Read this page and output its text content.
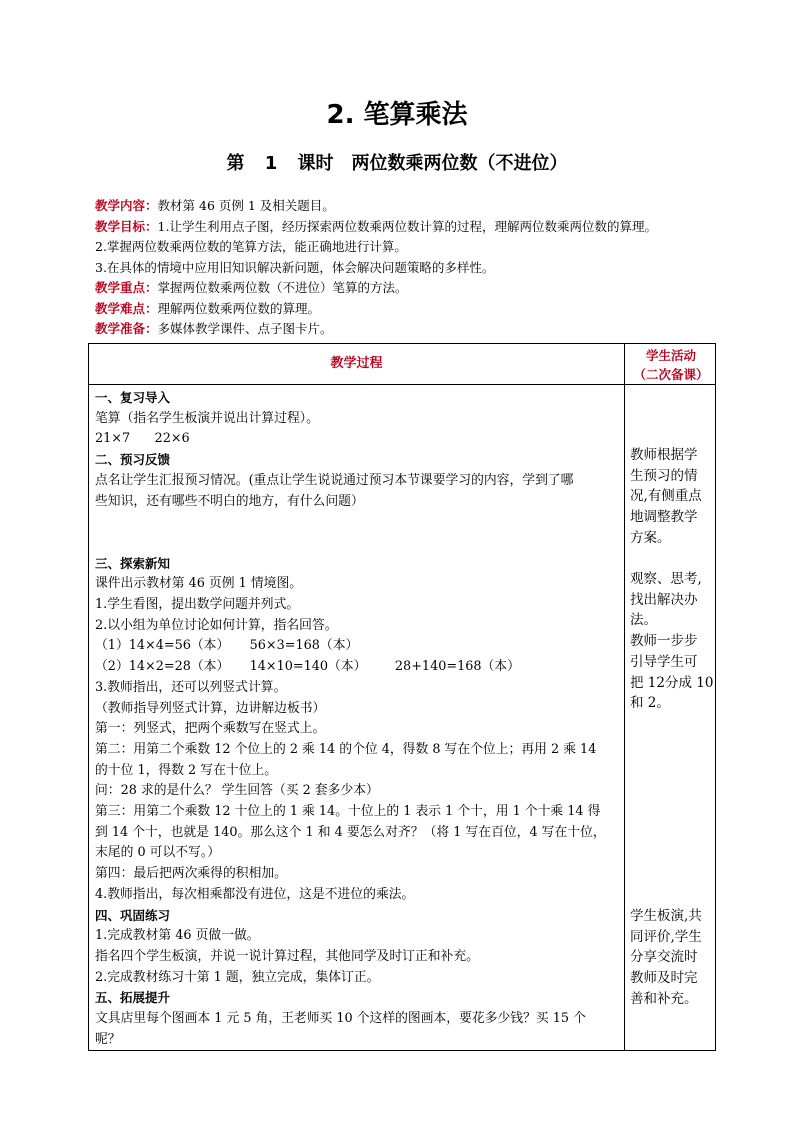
2. 笔算乘法
第 1 课时　两位数乘两位数（不进位）
教学内容：教材第 46 页例 1 及相关题目。
教学目标：1.让学生利用点子图，经历探索两位数乘两位数计算的过程，理解两位数乘两位数的算理。
2.掌握两位数乘两位数的笔算方法，能正确地进行计算。
3.在具体的情境中应用旧知识解决新问题，体会解决问题策略的多样性。
教学重点：掌握两位数乘两位数（不进位）笔算的方法。
教学难点：理解两位数乘两位数的算理。
教学准备：多媒体教学课件、点子图卡片。
教学过程
学生活动
（二次备课）
一、复习导入
笔算（指名学生板演并说出计算过程）。
21×7      22×6
二、预习反馈
点名让学生汇报预习情况。(重点让学生说说通过预习本节课要学习的内容，学到了哪
些知识，还有哪些不明白的地方，有什么问题）
三、探索新知
课件出示教材第 46 页例 1 情境图。
1.学生看图，提出数学问题并列式。
2.以小组为单位讨论如何计算，指名回答。
（1）14×4=56（本）     56×3=168（本）
（2）14×2=28（本）     14×10=140（本）       28+140=168（本）
3.教师指出，还可以列竖式计算。
（教师指导列竖式计算，边讲解边板书）
第一：列竖式，把两个乘数写在竖式上。
第二：用第二个乘数 12 个位上的 2 乘 14 的个位 4，得数 8 写在个位上；再用 2 乘 14
的十位 1，得数 2 写在十位上。
问：28 求的是什么？ 学生回答（买 2 套多少本）
第三：用第二个乘数 12 十位上的 1 乘 14。十位上的 1 表示 1 个十，用 1 个十乘 14 得
到 14 个十，也就是 140。那么这个 1 和 4 要怎么对齐？（将 1 写在百位，4 写在十位，
末尾的 0 可以不写。）
第四：最后把两次乘得的积相加。
4.教师指出，每次相乘都没有进位，这是不进位的乘法。
四、巩固练习
1.完成教材第 46 页做一做。
指名四个学生板演，并说一说计算过程，其他同学及时订正和补充。
2.完成教材练习十第 1 题，独立完成，集体订正。
五、拓展提升
文具店里每个图画本 1 元 5 角，王老师买 10 个这样的图画本，要花多少钱？买 15 个
呢？
教师根据学
生预习的情
况,有侧重点
地调整教学
方案。
观察、思考,
找出解决办
法。
教师一步步
引导学生可
把 12分成 10
和 2。
学生板演,共
同评价,学生
分享交流时
教师及时完
善和补充。
